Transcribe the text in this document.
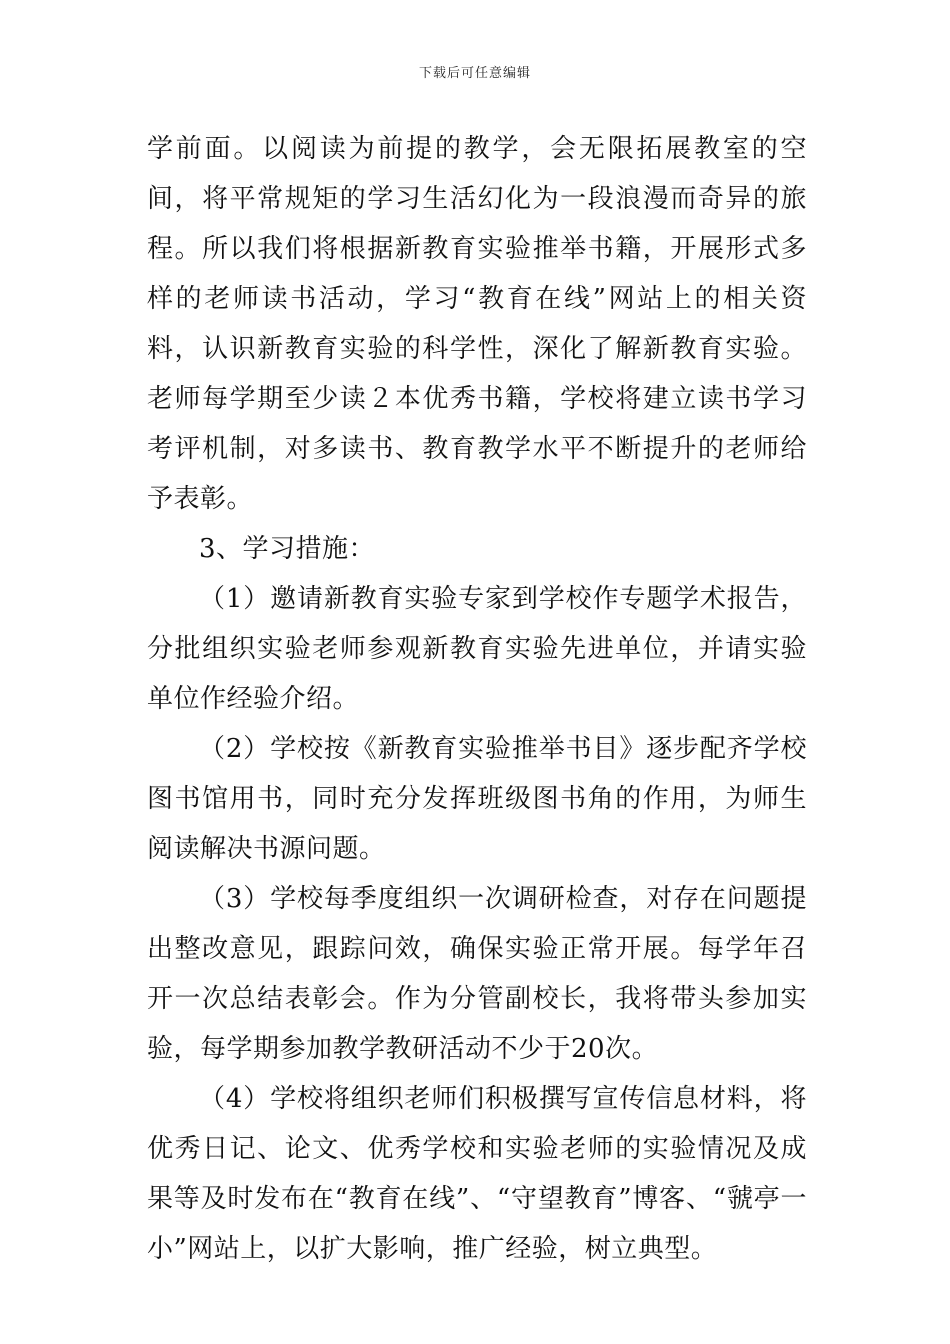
下载后可任意编辑

学前面。以阅读为前提的教学，会无限拓展教室的空间，将平常规矩的学习生活幻化为一段浪漫而奇异的旅程。所以我们将根据新教育实验推举书籍，开展形式多样的老师读书活动，学习“教育在线”网站上的相关资料，认识新教育实验的科学性，深化了解新教育实验。老师每学期至少读２本优秀书籍，学校将建立读书学习考评机制，对多读书、教育教学水平不断提升的老师给予表彰。

3、学习措施：

（1）邀请新教育实验专家到学校作专题学术报告，分批组织实验老师参观新教育实验先进单位，并请实验单位作经验介绍。

（2）学校按《新教育实验推举书目》逐步配齐学校图书馆用书，同时充分发挥班级图书角的作用，为师生阅读解决书源问题。

（3）学校每季度组织一次调研检查，对存在问题提出整改意见，跟踪问效，确保实验正常开展。每学年召开一次总结表彰会。作为分管副校长，我将带头参加实验，每学期参加教学教研活动不少于20次。

（4）学校将组织老师们积极撰写宣传信息材料，将优秀日记、论文、优秀学校和实验老师的实验情况及成果等及时发布在“教育在线”、“守望教育”博客、“虢亭一小”网站上，以扩大影响，推广经验，树立典型。
